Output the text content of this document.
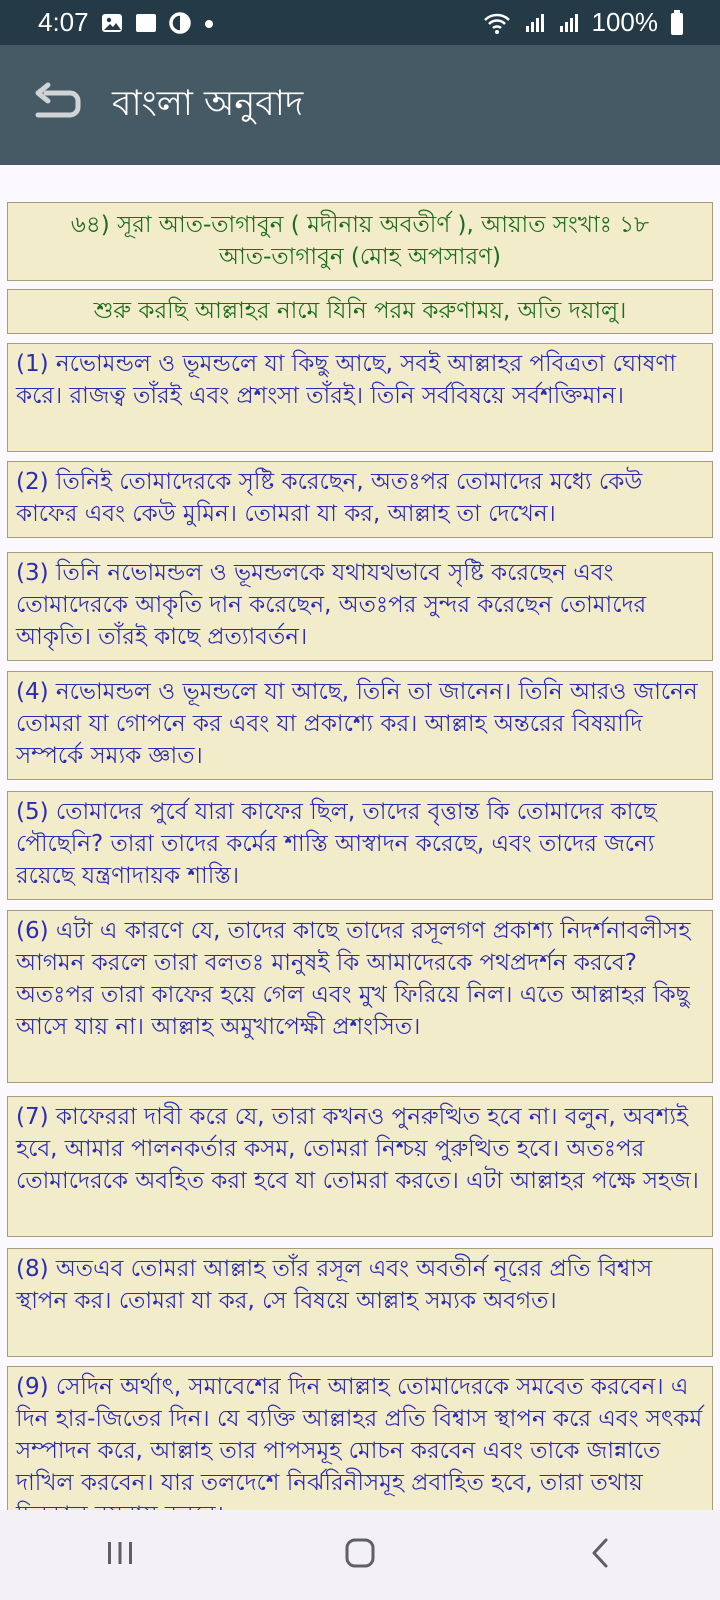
4:07	100%
বাংলা অনুবাদ
৬৪) সূরা আত-তাগাবুন ( মদীনায় অবতীর্ণ ), আয়াত সংখাঃ ১৮
আত-তাগাবুন (মোহ অপসারণ)
শুরু করছি আল্লাহর নামে যিনি পরম করুণাময়, অতি দয়ালু।
(1) নভোমন্ডল ও ভূমন্ডলে যা কিছু আছে, সবই আল্লাহর পবিত্রতা ঘোষণা করে। রাজত্ব তাঁরই এবং প্রশংসা তাঁরই। তিনি সর্ববিষয়ে সর্বশক্তিমান।
(2) তিনিই তোমাদেরকে সৃষ্টি করেছেন, অতঃপর তোমাদের মধ্যে কেউ কাফের এবং কেউ মুমিন। তোমরা যা কর, আল্লাহ তা দেখেন।
(3) তিনি নভোমন্ডল ও ভূমন্ডলকে যথাযথভাবে সৃষ্টি করেছেন এবং তোমাদেরকে আকৃতি দান করেছেন, অতঃপর সুন্দর করেছেন তোমাদের আকৃতি। তাঁরই কাছে প্রত্যাবর্তন।
(4) নভোমন্ডল ও ভূমন্ডলে যা আছে, তিনি তা জানেন। তিনি আরও জানেন তোমরা যা গোপনে কর এবং যা প্রকাশ্যে কর। আল্লাহ অন্তরের বিষয়াদি সম্পর্কে সম্যক জ্ঞাত।
(5) তোমাদের পুর্বে যারা কাফের ছিল, তাদের বৃত্তান্ত কি তোমাদের কাছে পৌছেনি? তারা তাদের কর্মের শাস্তি আস্বাদন করেছে, এবং তাদের জন্যে রয়েছে যন্ত্রণাদায়ক শাস্তি।
(6) এটা এ কারণে যে, তাদের কাছে তাদের রসূলগণ প্রকাশ্য নিদর্শনাবলীসহ আগমন করলে তারা বলতঃ মানুষই কি আমাদেরকে পথপ্রদর্শন করবে? অতঃপর তারা কাফের হয়ে গেল এবং মুখ ফিরিয়ে নিল। এতে আল্লাহর কিছু আসে যায় না। আল্লাহ অমুখাপেক্ষী প্রশংসিত।
(7) কাফেররা দাবী করে যে, তারা কখনও পুনরুত্থিত হবে না। বলুন, অবশ্যই হবে, আমার পালনকর্তার কসম, তোমরা নিশ্চয় পুরুত্থিত হবে। অতঃপর তোমাদেরকে অবহিত করা হবে যা তোমরা করতে। এটা আল্লাহর পক্ষে সহজ।
(8) অতএব তোমরা আল্লাহ তাঁর রসূল এবং অবতীর্ন নূরের প্রতি বিশ্বাস স্থাপন কর। তোমরা যা কর, সে বিষয়ে আল্লাহ সম্যক অবগত।
(9) সেদিন অর্থাৎ, সমাবেশের দিন আল্লাহ তোমাদেরকে সমবেত করবেন। এ দিন হার-জিতের দিন। যে ব্যক্তি আল্লাহর প্রতি বিশ্বাস স্থাপন করে এবং সৎকর্ম সম্পাদন করে, আল্লাহ তার পাপসমূহ মোচন করবেন এবং তাকে জান্নাতে দাখিল করবেন। যার তলদেশে নির্ঝরিনীসমূহ প্রবাহিত হবে, তারা তথায়
